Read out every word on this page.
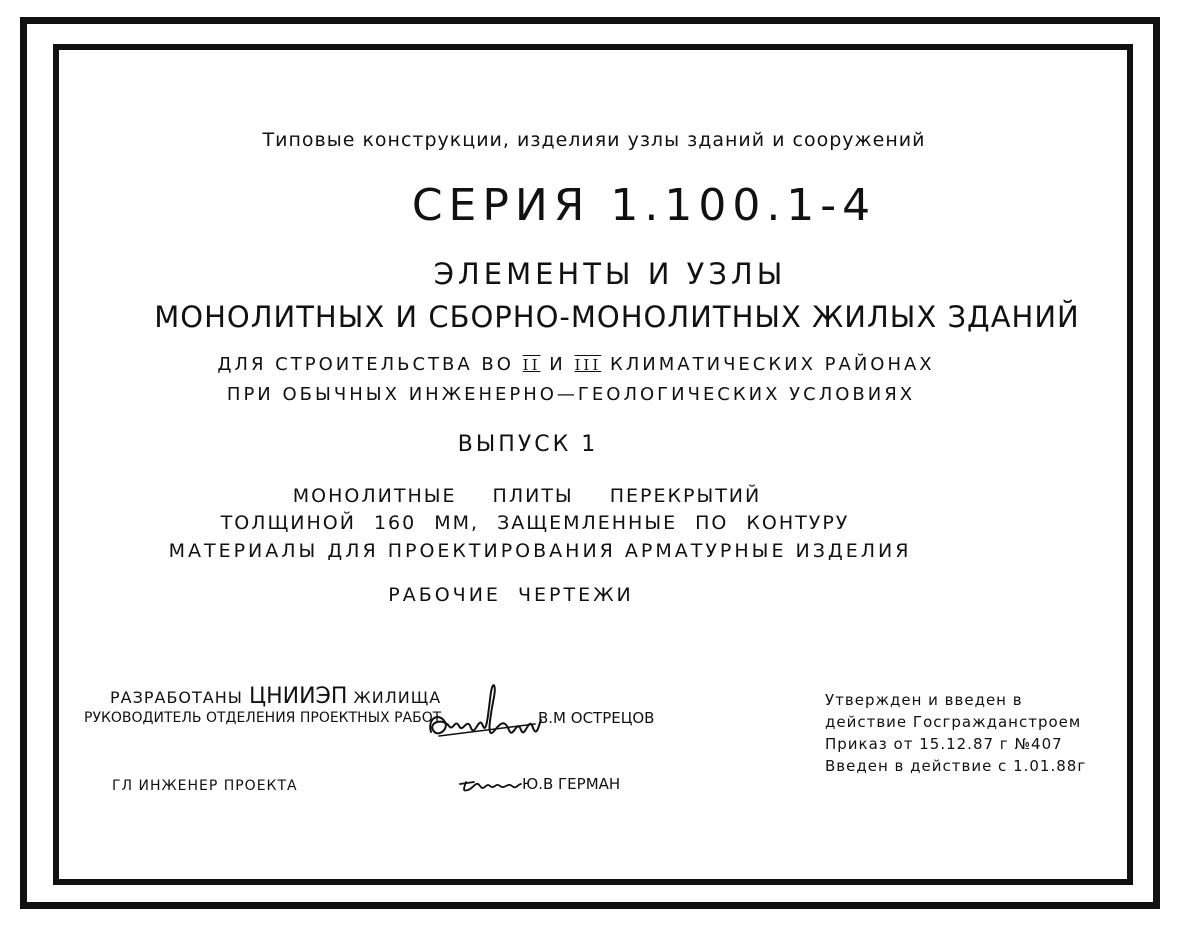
Типовые конструкции, изделияи узлы зданий и сооружений
СЕРИЯ 1.100.1-4
ЭЛЕМЕНТЫ И УЗЛЫ
МОНОЛИТНЫХ И СБОРНО-МОНОЛИТНЫХ ЖИЛЫХ ЗДАНИЙ
ДЛЯ СТРОИТЕЛЬСТВА ВО II И III КЛИМАТИЧЕСКИХ РАЙОНАХ
ПРИ ОБЫЧНЫХ ИНЖЕНЕРНО—ГЕОЛОГИЧЕСКИХ УСЛОВИЯХ
ВЫПУСК 1
МОНОЛИТНЫЕ ПЛИТЫ ПЕРЕКРЫТИЙ
ТОЛЩИНОЙ 160 ММ, ЗАЩЕМЛЕННЫЕ ПО КОНТУРУ
МАТЕРИАЛЫ ДЛЯ ПРОЕКТИРОВАНИЯ АРМАТУРНЫЕ ИЗДЕЛИЯ
РАБОЧИЕ ЧЕРТЕЖИ
РАЗРАБОТАНЫ ЦНИИЭП ЖИЛИЩА
РУКОВОДИТЕЛЬ ОТДЕЛЕНИЯ ПРОЕКТНЫХ РАБОТ	В.М ОСТРЕЦОВ
ГЛ ИНЖЕНЕР ПРОЕКТА	Ю.В ГЕРМАН
Утвержден и введен в
действие Госгражданстроем
Приказ от 15.12.87 г №407
Введен в действие с 1.01.88г
